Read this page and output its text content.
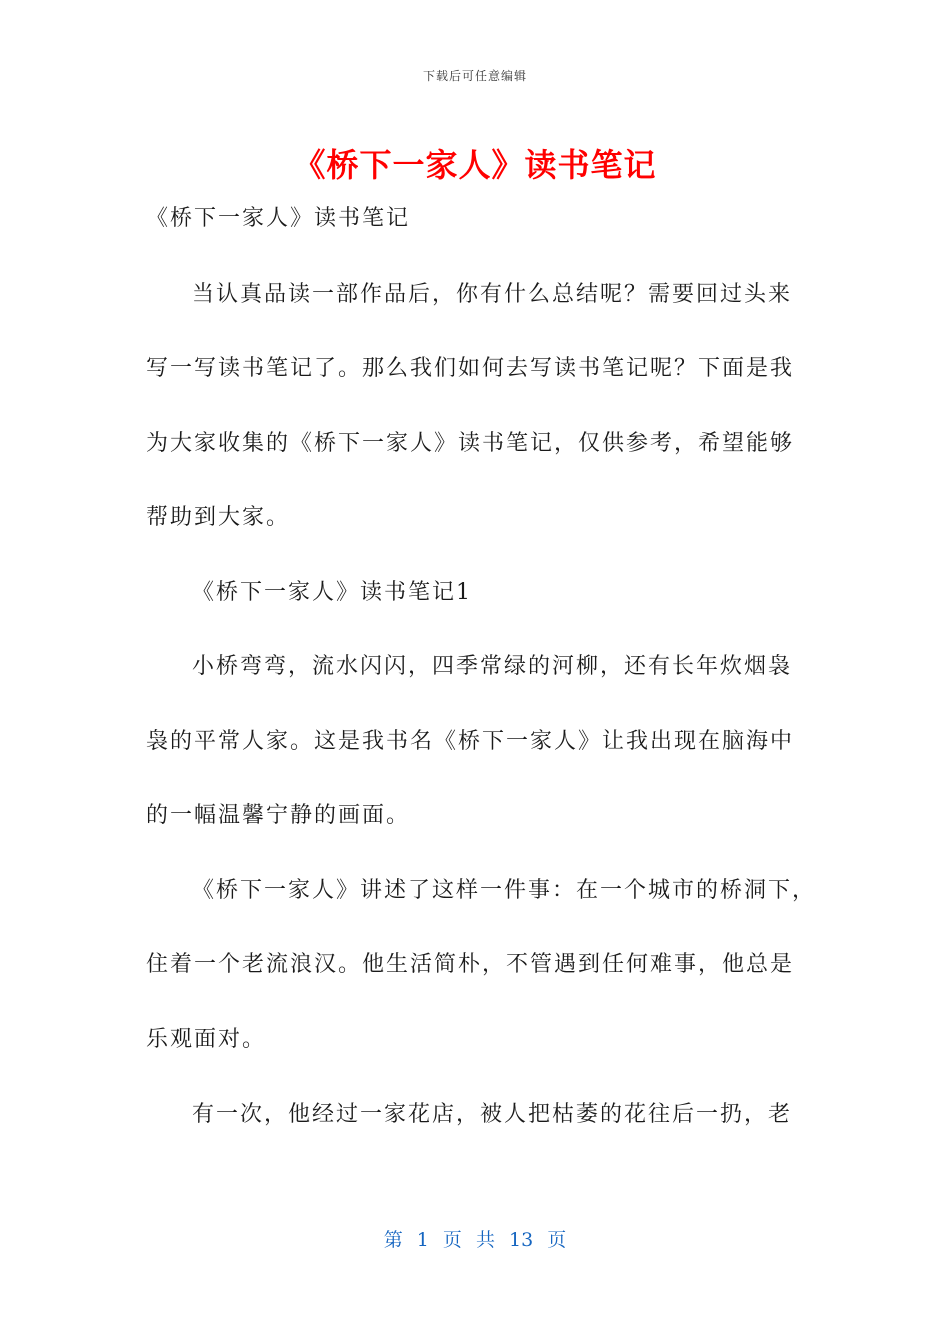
下载后可任意编辑
《桥下一家人》读书笔记
《桥下一家人》读书笔记
当认真品读一部作品后，你有什么总结呢？需要回过头来
写一写读书笔记了。那么我们如何去写读书笔记呢？下面是我
为大家收集的《桥下一家人》读书笔记，仅供参考，希望能够
帮助到大家。
《桥下一家人》读书笔记1
小桥弯弯，流水闪闪，四季常绿的河柳，还有长年炊烟袅
袅的平常人家。这是我书名《桥下一家人》让我出现在脑海中
的一幅温馨宁静的画面。
《桥下一家人》讲述了这样一件事：在一个城市的桥洞下，
住着一个老流浪汉。他生活简朴，不管遇到任何难事，他总是
乐观面对。
有一次，他经过一家花店，被人把枯萎的花往后一扔，老
第 1 页 共 13 页
